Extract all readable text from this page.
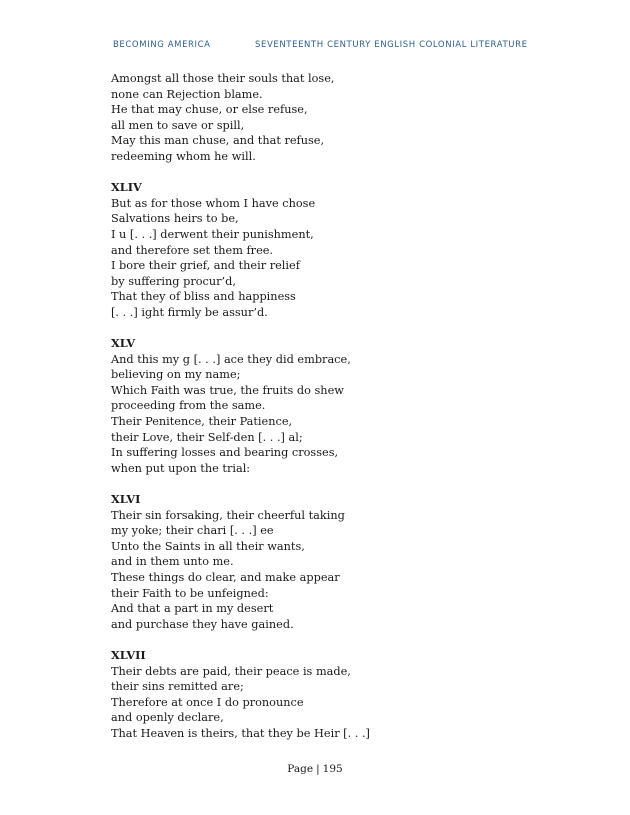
BECOMING AMERICA	SEVENTEENTH CENTURY ENGLISH COLONIAL LITERATURE
Amongst all those their souls that lose,
none can Rejection blame.
He that may chuse, or else refuse,
all men to save or spill,
May this man chuse, and that refuse,
redeeming whom he will.
XLIV
But as for those whom I have chose
Salvations heirs to be,
I u [. . .] derwent their punishment,
and therefore set them free.
I bore their grief, and their relief
by suffering procur’d,
That they of bliss and happiness
[. . .] ight firmly be assur’d.
XLV
And this my g [. . .] ace they did embrace,
believing on my name;
Which Faith was true, the fruits do shew
proceeding from the same.
Their Penitence, their Patience,
their Love, their Self-den [. . .] al;
In suffering losses and bearing crosses,
when put upon the trial:
XLVI
Their sin forsaking, their cheerful taking
my yoke; their chari [. . .] ee
Unto the Saints in all their wants,
and in them unto me.
These things do clear, and make appear
their Faith to be unfeigned:
And that a part in my desert
and purchase they have gained.
XLVII
Their debts are paid, their peace is made,
their sins remitted are;
Therefore at once I do pronounce
and openly declare,
That Heaven is theirs, that they be Heir [. . .]
Page | 195
